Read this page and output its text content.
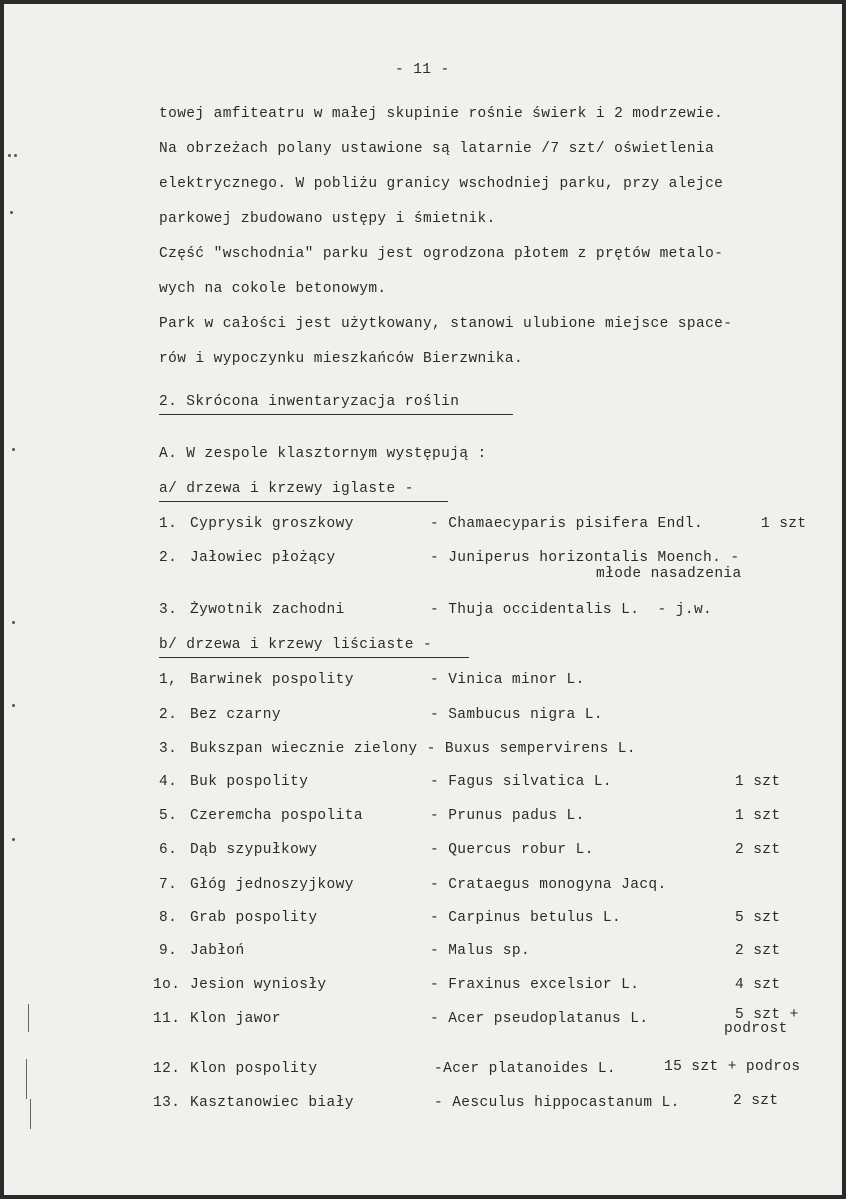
- 11 -
towej amfiteatru w małej skupinie rośnie świerk i 2 modrzewie.
Na obrzeżach polany ustawione są latarnie /7 szt/ oświetlenia
elektrycznego. W pobliżu granicy wschodniej parku, przy alejce
parkowej zbudowano ustępy i śmietnik.
Część "wschodnia" parku jest ogrodzona płotem z prętów metalo-
wych na cokole betonowym.
Park w całości jest użytkowany, stanowi ulubione miejsce space-
rów i wypoczynku mieszkańców Bierzwnika.
2. Skrócona inwentaryzacja roślin
A. W zespole klasztornym występują :
a/ drzewa i krzewy iglaste -
1. Cyprysik groszkowy	- Chamaecyparis pisifera Endl.	1 szt
2. Jałowiec płożący	- Juniperus horizontalis Moench. -
młode nasadzenia
3. Żywotnik zachodni	- Thuja occidentalis L.  - j.w.
b/ drzewa i krzewy liściaste -
1, Barwinek pospolity	- Vinica minor L.
2. Bez czarny	- Sambucus nigra L.
3. Bukszpan wiecznie zielony - Buxus sempervirens L.
4. Buk pospolity	- Fagus silvatica L.	1 szt
5. Czeremcha pospolita	- Prunus padus L.	1 szt
6. Dąb szypułkowy	- Quercus robur L.	2 szt
7. Głóg jednoszyjkowy	- Crataegus monogyna Jacq.
8. Grab pospolity	- Carpinus betulus L.	5 szt
9. Jabłoń	- Malus sp.	2 szt
1o. Jesion wyniosły	- Fraxinus excelsior L.	4 szt
11. Klon jawor	- Acer pseudoplatanus L.	5 szt +
podrost
12. Klon pospolity	-Acer platanoides L.	15 szt + podros
13. Kasztanowiec biały	- Aesculus hippocastanum L.	2 szt
